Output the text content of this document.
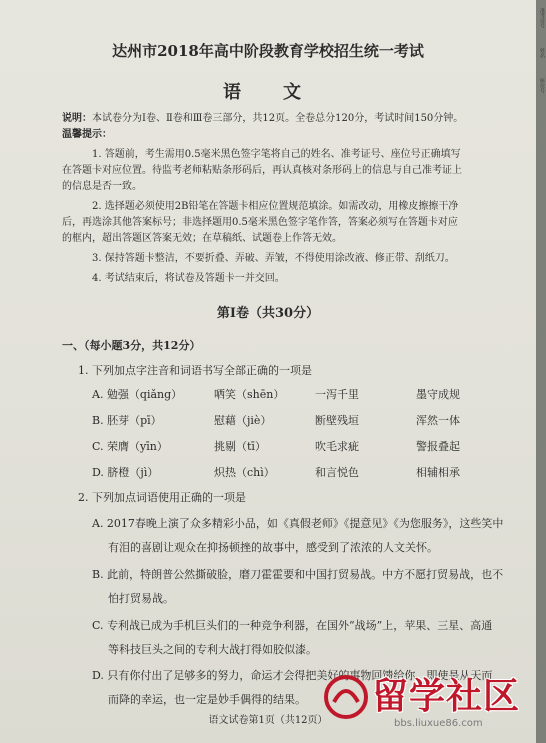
达州市2018年高中阶段教育学校招生统一考试
语　文
说明：本试卷分为Ⅰ卷、Ⅱ卷和Ⅲ卷三部分，共12页。全卷总分120分，考试时间150分钟。
温馨提示：
1. 答题前，考生需用0.5毫米黑色签字笔将自己的姓名、准考证号、座位号正确填写
在答题卡对应位置。待监考老师粘贴条形码后，再认真核对条形码上的信息与自己准考证上
的信息是否一致。
2. 选择题必须使用2B铅笔在答题卡相应位置规范填涂。如需改动，用橡皮擦擦干净
后，再选涂其他答案标号；非选择题用0.5毫米黑色签字笔作答，答案必须写在答题卡对应
的框内，超出答题区答案无效；在草稿纸、试题卷上作答无效。
3. 保持答题卡整洁，不要折叠、弄破、弄皱，不得使用涂改液、修正带、刮纸刀。
4. 考试结束后，将试卷及答题卡一并交回。
第Ⅰ卷（共30分）
一、（每小题3分，共12分）
1. 下列加点字注音和词语书写全部正确的一项是
A. 勉强（qiǎng）	哂笑（shēn）	一泻千里	墨守成规
B. 胚芽（pī）	慰藉（jiè）	断壁残垣	浑然一体
C. 荣膺（yīn）	挑剔（tī）	吹毛求疵	警报叠起
D. 脐橙（jì）	炽热（chì）	和言悦色	相辅相承
2. 下列加点词语使用正确的一项是
A. 2017春晚上演了众多精彩小品，如《真假老师》《提意见》《为您服务》，这些笑中
有泪的喜剧让观众在抑扬顿挫的故事中，感受到了浓浓的人文关怀。
B. 此前，特朗普公然撕破脸，磨刀霍霍要和中国打贸易战。中方不愿打贸易战，也不
怕打贸易战。
C. 专利战已成为手机巨头们的一种竞争利器，在国外“战场”上，苹果、三星、高通
等科技巨头之间的专利大战打得如胶似漆。
D. 只有你付出了足够多的努力，命运才会得把美好的事物回馈给你，即使是从天而
而降的幸运，也一定是妙手偶得的结果。
语文试卷第1页（共12页）
留学社区
bbs.liuxue86.com
准考证号
姓名
座位号
